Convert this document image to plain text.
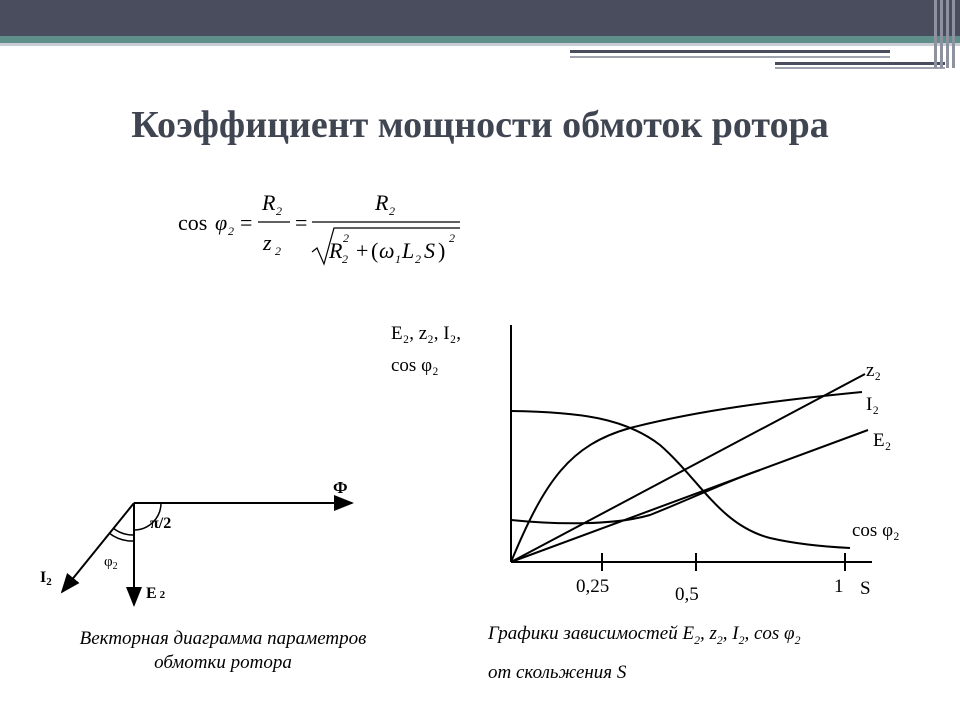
Коэффициент мощности обмоток ротора
cos φ 2 =
R 2
z 2
=
R 2
R 2
2 + ( ω 1 L 2 S ) 2
Ф
π/2
$\varphi_2$
I2
E 2
Векторная диаграмма параметров
обмотки ротора
E₂, z₂, I₂,
cos φ₂
0,25	0,5	1 S
z₂
I₂
E₂
cos φ₂
Графики зависимостей $E_2$, $z_2$, $I_2$, $\cos \varphi_2$
от скольжения S
